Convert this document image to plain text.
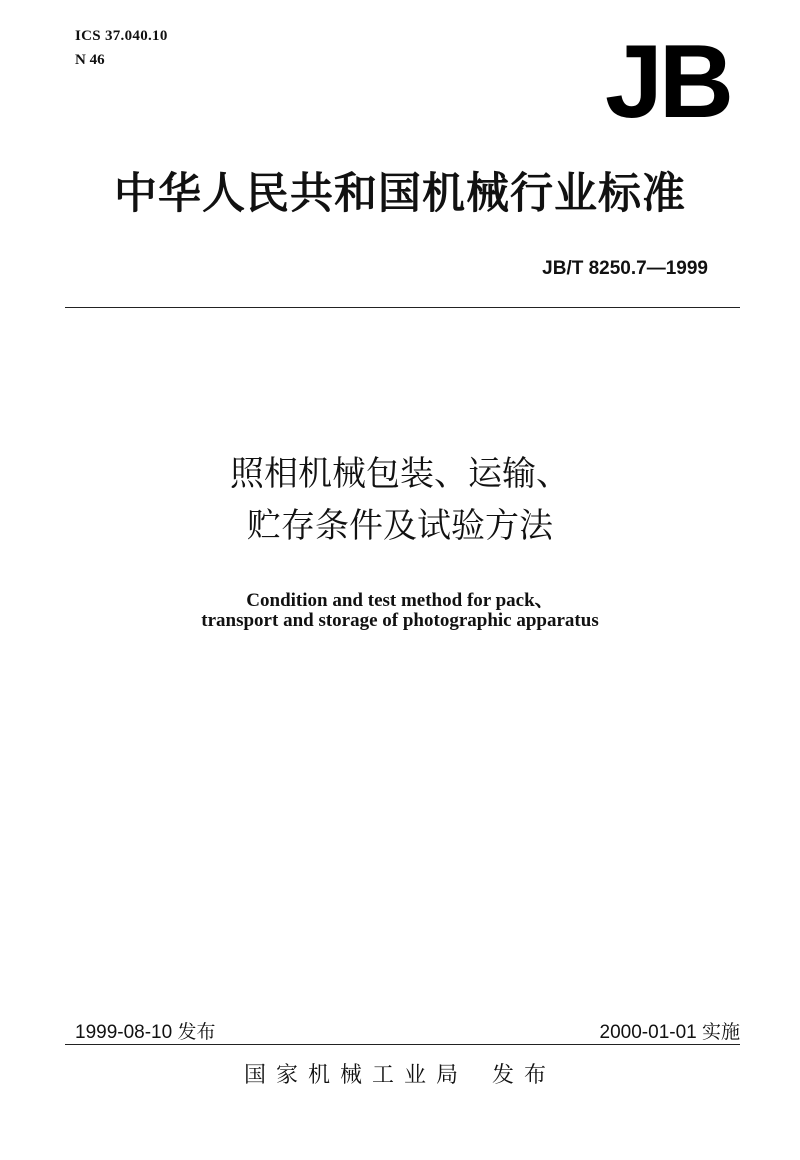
ICS 37.040.10
N 46	JB
中华人民共和国机械行业标准
JB/T 8250.7—1999
照相机械包装、运输、
贮存条件及试验方法
Condition and test method for pack、
transport and storage of photographic apparatus
1999-08-10 发布	2000-01-01 实施
国家机械工业局 发布
